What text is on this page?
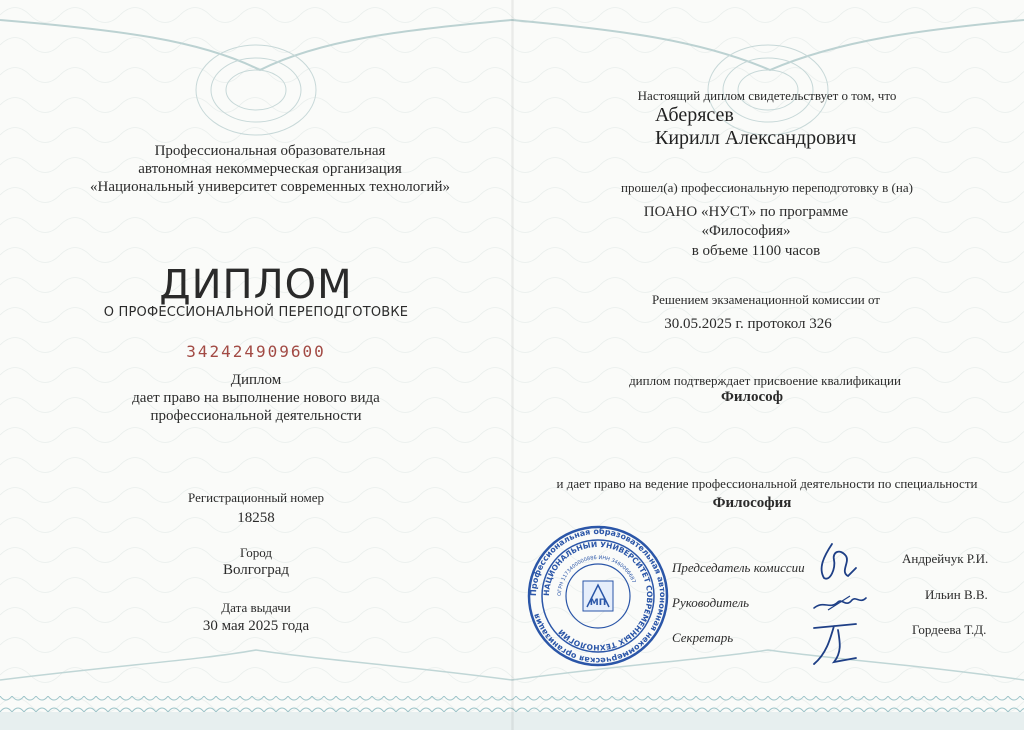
Профессиональная образовательная
автономная некоммерческая организация
«Национальный университет современных технологий»
ДИПЛОМ
О ПРОФЕССИОНАЛЬНОЙ ПЕРЕПОДГОТОВКЕ
342424909600
Диплом
дает право на выполнение нового вида
профессиональной деятельности
Регистрационный номер
18258
Город
Волгоград
Дата выдачи
30 мая 2025 года
Настоящий диплом свидетельствует о том, что
Аберясев
Кирилл Александрович
прошел(а) профессиональную переподготовку в (на)
ПОАНО «НУСТ» по программе
«Философия»
в объеме 1100 часов
Решением экзаменационной комиссии от
30.05.2025 г. протокол 326
диплом подтверждает присвоение квалификации
Философ
и дает право на ведение профессиональной деятельности по специальности
Философия
Председатель комиссии
Андрейчук Р.И.
Руководитель
Ильин В.В.
Секретарь
Гордеева Т.Д.
Профессиональная образовательная автономная некоммерческая организация
НАЦИОНАЛЬНЫЙ УНИВЕРСИТЕТ СОВРЕМЕННЫХ ТЕХНОЛОГИЙ
ОГРН 1173400000886 ИНН 3460066687
МП
